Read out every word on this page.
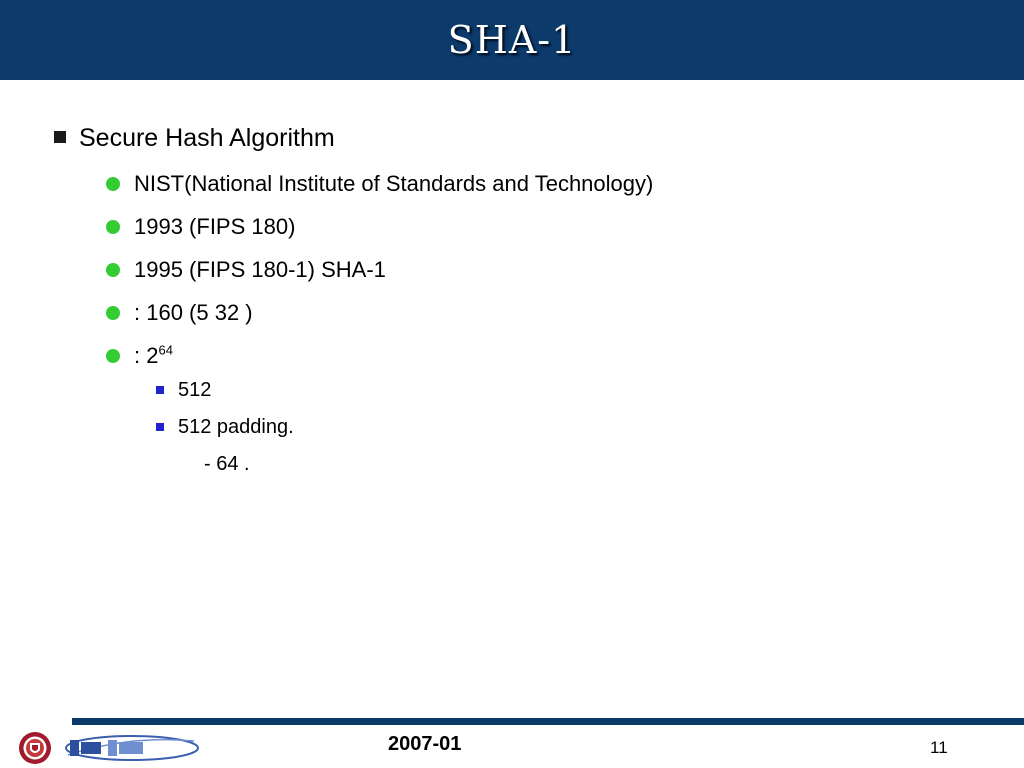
SHA-1
Secure Hash Algorithm
NIST(National Institute of Standards and Technology)
1993 (FIPS 180)
1995 (FIPS 180-1) SHA-1
: 160 (5 32 )
: $2^{64}$
512
512 padding.
- 64 .
2007-01	11
